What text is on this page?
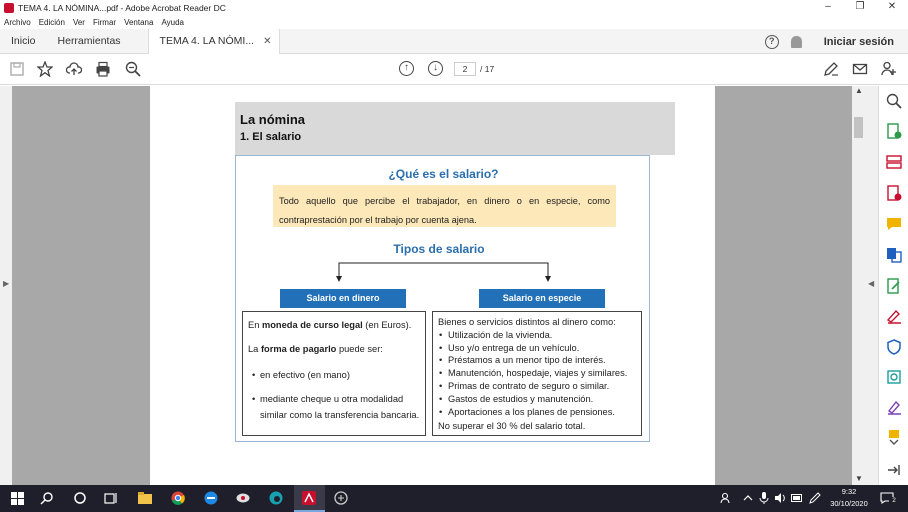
TEMA 4. LA NÓMINA...pdf - Adobe Acrobat Reader DC	–	❐	✕
Archivo Edición Ver Firmar Ventana Ayuda
Inicio	Herramientas	TEMA 4. LA NÓMI... ✕	?	Iniciar sesión
↑	↓	2	/ 17
▶
La nómina
1. El salario
¿Qué es el salario?
Todo aquello que percibe el trabajador, en dinero o en especie, como contraprestación por el trabajo por cuenta ajena.
Tipos de salario
Salario en dinero	Salario en especie

En moneda de curso legal (en Euros).

La forma de pagarlo puede ser:

• en efectivo (en mano)
• mediante cheque u otra modalidad similar como la transferencia bancaria.
Bienes o servicios distintos al dinero como:
• Utilización de la vivienda.
• Uso y/o entrega de un vehículo.
• Préstamos a un menor tipo de interés.
• Manutención, hospedaje, viajes y similares.
• Primas de contrato de seguro o similar.
• Gastos de estudios y manutención.
• Aportaciones a los planes de pensiones.
No superar el 30 % del salario total.
▲
▼
◀
9:32
30/10/2020	2
